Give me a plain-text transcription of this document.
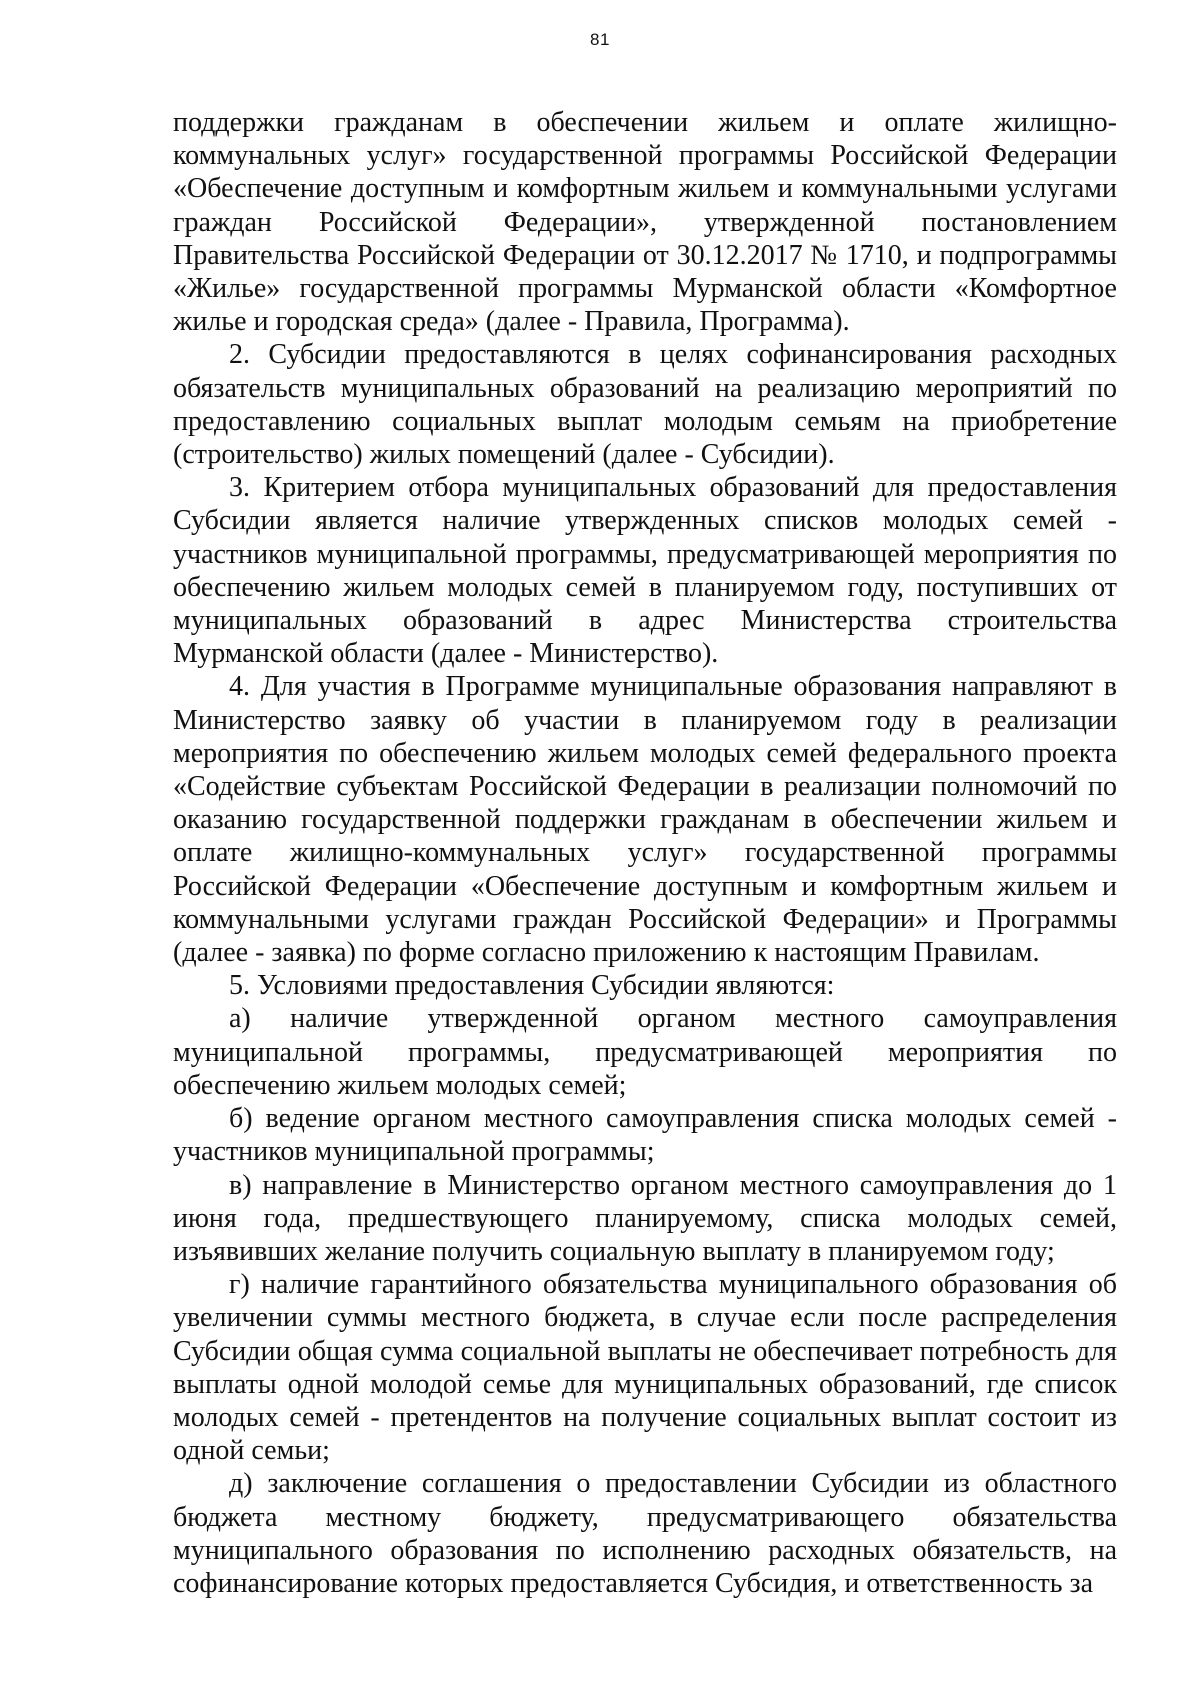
81

поддержки гражданам в обеспечении жильем и оплате жилищно-коммунальных услуг» государственной программы Российской Федерации «Обеспечение доступным и комфортным жильем и коммунальными услугами граждан Российской Федерации», утвержденной постановлением Правительства Российской Федерации от 30.12.2017 № 1710, и подпрограммы «Жилье» государственной программы Мурманской области «Комфортное жилье и городская среда» (далее - Правила, Программа).

2. Субсидии предоставляются в целях софинансирования расходных обязательств муниципальных образований на реализацию мероприятий по предоставлению социальных выплат молодым семьям на приобретение (строительство) жилых помещений (далее - Субсидии).

3. Критерием отбора муниципальных образований для предоставления Субсидии является наличие утвержденных списков молодых семей - участников муниципальной программы, предусматривающей мероприятия по обеспечению жильем молодых семей в планируемом году, поступивших от муниципальных образований в адрес Министерства строительства Мурманской области (далее - Министерство).

4. Для участия в Программе муниципальные образования направляют в Министерство заявку об участии в планируемом году в реализации мероприятия по обеспечению жильем молодых семей федерального проекта «Содействие субъектам Российской Федерации в реализации полномочий по оказанию государственной поддержки гражданам в обеспечении жильем и оплате жилищно-коммунальных услуг» государственной программы Российской Федерации «Обеспечение доступным и комфортным жильем и коммунальными услугами граждан Российской Федерации» и Программы (далее - заявка) по форме согласно приложению к настоящим Правилам.

5. Условиями предоставления Субсидии являются:

а) наличие утвержденной органом местного самоуправления муниципальной программы, предусматривающей мероприятия по обеспечению жильем молодых семей;

б) ведение органом местного самоуправления списка молодых семей - участников муниципальной программы;

в) направление в Министерство органом местного самоуправления до 1 июня года, предшествующего планируемому, списка молодых семей, изъявивших желание получить социальную выплату в планируемом году;

г) наличие гарантийного обязательства муниципального образования об увеличении суммы местного бюджета, в случае если после распределения Субсидии общая сумма социальной выплаты не обеспечивает потребность для выплаты одной молодой семье для муниципальных образований, где список молодых семей - претендентов на получение социальных выплат состоит из одной семьи;

д) заключение соглашения о предоставлении Субсидии из областного бюджета местному бюджету, предусматривающего обязательства муниципального образования по исполнению расходных обязательств, на софинансирование которых предоставляется Субсидия, и ответственность за
